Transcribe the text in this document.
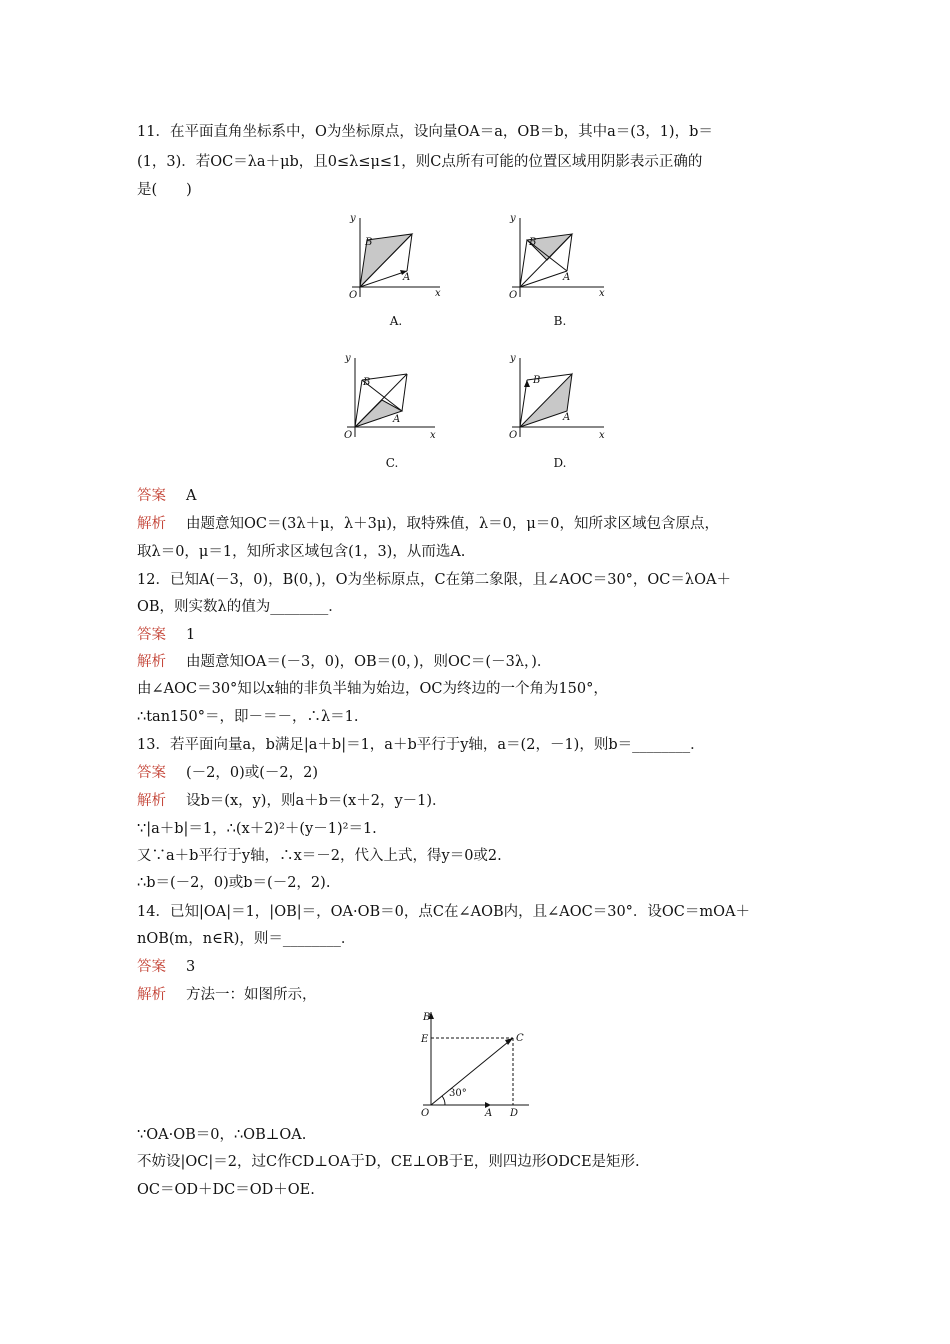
11．在平面直角坐标系中，O为坐标原点，设向量OA＝a，OB＝b，其中a＝(3，1)，b＝
(1，3)．若OC＝λa＋μb，且0≤λ≤μ≤1，则C点所有可能的位置区域用阴影表示正确的
是(　　)
y
x
O
A
B
A.
y
x
O
A
B
B.
y
x
O
A
B
C.
y
x
O
A
B
D.
答案 A
解析 由题意知OC＝(3λ＋μ，λ＋3μ)，取特殊值，λ＝0，μ＝0，知所求区域包含原点，
取λ＝0，μ＝1，知所求区域包含(1，3)，从而选A.
12．已知A(－3，0)，B(0，)，O为坐标原点，C在第二象限，且∠AOC＝30°，OC＝λOA＋
OB，则实数λ的值为________．
答案 1
解析 由题意知OA＝(－3，0)，OB＝(0，)，则OC＝(－3λ，)．
由∠AOC＝30°知以x轴的非负半轴为始边，OC为终边的一个角为150°，
∴tan150°＝，即－＝－，∴λ＝1.
13．若平面向量a，b满足|a＋b|＝1，a＋b平行于y轴，a＝(2，－1)，则b＝________．
答案 (－2，0)或(－2，2)
解析 设b＝(x，y)，则a＋b＝(x＋2，y－1)．
∵|a＋b|＝1，∴(x＋2)²＋(y－1)²＝1.
又∵a＋b平行于y轴，∴x＝－2，代入上式，得y＝0或2.
∴b＝(－2，0)或b＝(－2，2).
14．已知|OA|＝1，|OB|＝，OA·OB＝0，点C在∠AOB内，且∠AOC＝30°．设OC＝mOA＋
nOB(m，n∈R)，则＝________．
答案 3
解析 方法一：如图所示，
B
E	C
O	A D
30°
∵OA·OB＝0，∴OB⊥OA.
不妨设|OC|＝2，过C作CD⊥OA于D，CE⊥OB于E，则四边形ODCE是矩形.
OC＝OD＋DC＝OD＋OE.
